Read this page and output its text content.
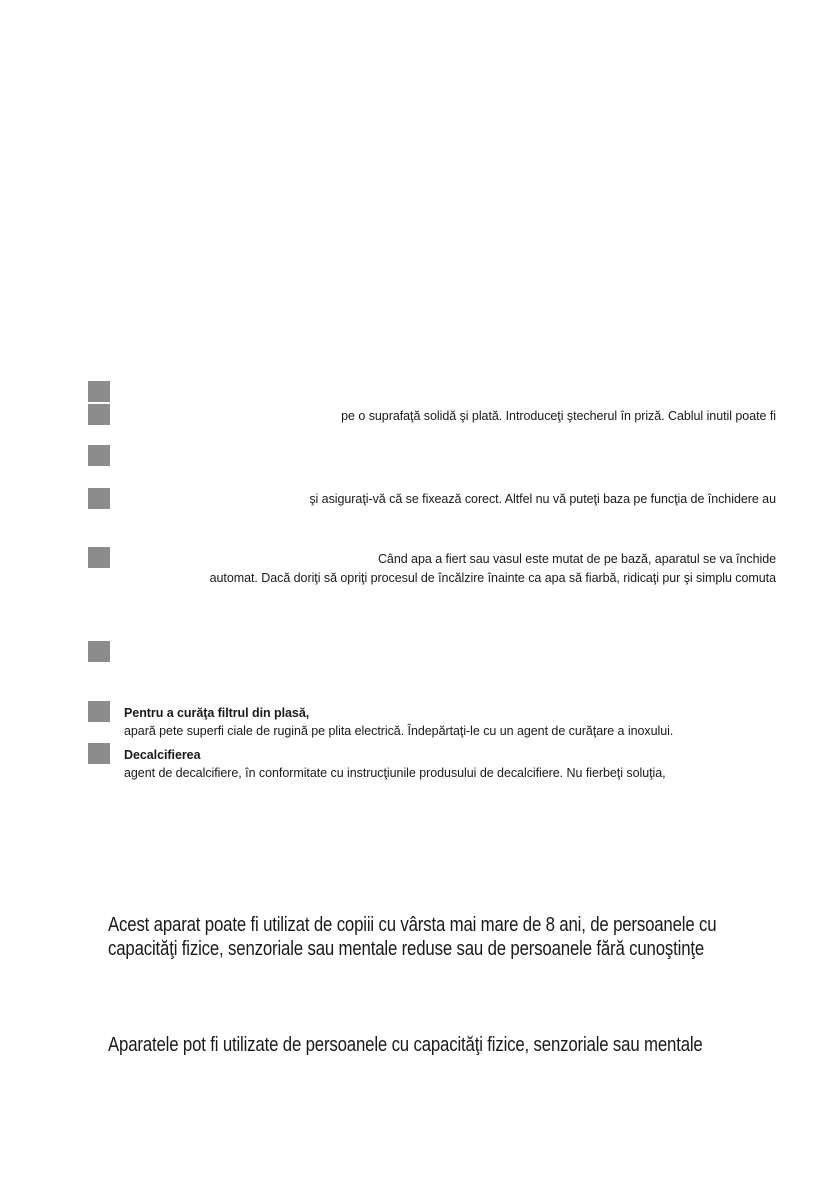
pe o suprafaţă solidă şi plată. Introduceţi ştecherul în priză. Cablul inutil poate fi
şi asiguraţi-vă că se fixează corect. Altfel nu vă puteţi baza pe funcţia de închidere au
Când apa a fiert sau vasul este mutat de pe bază, aparatul se va închide
automat. Dacă doriţi să opriţi procesul de încălzire înainte ca apa să fiarbă, ridicaţi pur şi simplu comuta
Pentru a curăţa filtrul din plasă,
apară pete superfi ciale de rugină pe plita electrică. Îndepărtaţi-le cu un agent de curăţare a inoxului.
Decalcifierea
agent de decalcifiere, în conformitate cu instrucţiunile produsului de decalcifiere. Nu fierbeţi soluţia,
Acest aparat poate fi utilizat de copiii cu vârsta mai mare de 8 ani, de persoanele cu
capacităţi fizice, senzoriale sau mentale reduse sau de persoanele fără cunoştinţe
Aparatele pot fi utilizate de persoanele cu capacităţi fizice, senzoriale sau mentale
